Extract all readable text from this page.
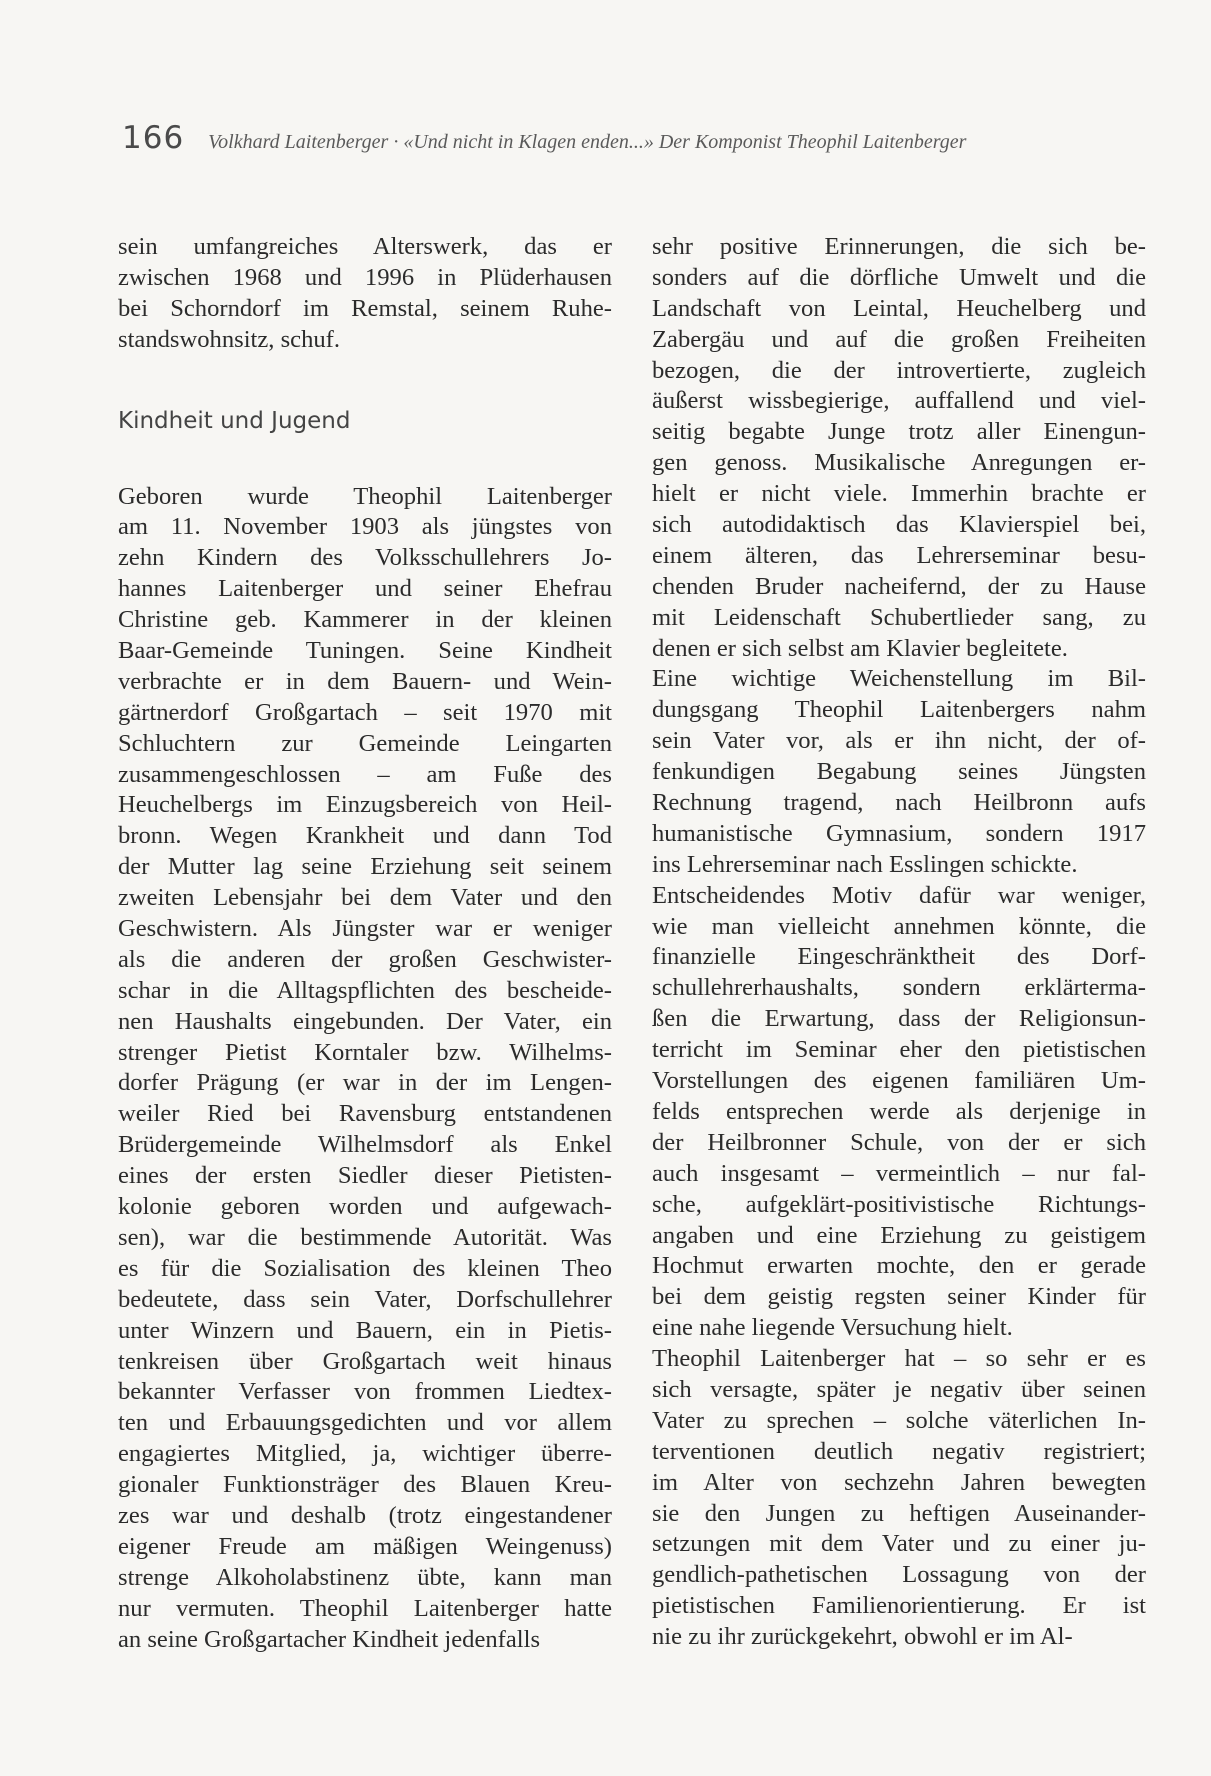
166 Volkhard Laitenberger · «Und nicht in Klagen enden...» Der Komponist Theophil Laitenberger
sein umfangreiches Alterswerk, das er
zwischen 1968 und 1996 in Plüderhausen
bei Schorndorf im Remstal, seinem Ruhe-
standswohnsitz, schuf.
Kindheit und Jugend
Geboren wurde Theophil Laitenberger
am 11. November 1903 als jüngstes von
zehn Kindern des Volksschullehrers Jo-
hannes Laitenberger und seiner Ehefrau
Christine geb. Kammerer in der kleinen
Baar-Gemeinde Tuningen. Seine Kindheit
verbrachte er in dem Bauern- und Wein-
gärtnerdorf Großgartach – seit 1970 mit
Schluchtern zur Gemeinde Leingarten
zusammengeschlossen – am Fuße des
Heuchelbergs im Einzugsbereich von Heil-
bronn. Wegen Krankheit und dann Tod
der Mutter lag seine Erziehung seit seinem
zweiten Lebensjahr bei dem Vater und den
Geschwistern. Als Jüngster war er weniger
als die anderen der großen Geschwister-
schar in die Alltagspflichten des bescheide-
nen Haushalts eingebunden. Der Vater, ein
strenger Pietist Korntaler bzw. Wilhelms-
dorfer Prägung (er war in der im Lengen-
weiler Ried bei Ravensburg entstandenen
Brüdergemeinde Wilhelmsdorf als Enkel
eines der ersten Siedler dieser Pietisten-
kolonie geboren worden und aufgewach-
sen), war die bestimmende Autorität. Was
es für die Sozialisation des kleinen Theo
bedeutete, dass sein Vater, Dorfschullehrer
unter Winzern und Bauern, ein in Pietis-
tenkreisen über Großgartach weit hinaus
bekannter Verfasser von frommen Liedtex-
ten und Erbauungsgedichten und vor allem
engagiertes Mitglied, ja, wichtiger überre-
gionaler Funktionsträger des Blauen Kreu-
zes war und deshalb (trotz eingestandener
eigener Freude am mäßigen Weingenuss)
strenge Alkoholabstinenz übte, kann man
nur vermuten. Theophil Laitenberger hatte
an seine Großgartacher Kindheit jedenfalls
sehr positive Erinnerungen, die sich be-
sonders auf die dörfliche Umwelt und die
Landschaft von Leintal, Heuchelberg und
Zabergäu und auf die großen Freiheiten
bezogen, die der introvertierte, zugleich
äußerst wissbegierige, auffallend und viel-
seitig begabte Junge trotz aller Einengun-
gen genoss. Musikalische Anregungen er-
hielt er nicht viele. Immerhin brachte er
sich autodidaktisch das Klavierspiel bei,
einem älteren, das Lehrerseminar besu-
chenden Bruder nacheifernd, der zu Hause
mit Leidenschaft Schubertlieder sang, zu
denen er sich selbst am Klavier begleitete.
Eine wichtige Weichenstellung im Bil-
dungsgang Theophil Laitenbergers nahm
sein Vater vor, als er ihn nicht, der of-
fenkundigen Begabung seines Jüngsten
Rechnung tragend, nach Heilbronn aufs
humanistische Gymnasium, sondern 1917
ins Lehrerseminar nach Esslingen schickte.
Entscheidendes Motiv dafür war weniger,
wie man vielleicht annehmen könnte, die
finanzielle Eingeschränktheit des Dorf-
schullehrerhaushalts, sondern erklärterma-
ßen die Erwartung, dass der Religionsun-
terricht im Seminar eher den pietistischen
Vorstellungen des eigenen familiären Um-
felds entsprechen werde als derjenige in
der Heilbronner Schule, von der er sich
auch insgesamt – vermeintlich – nur fal-
sche, aufgeklärt-positivistische Richtungs-
angaben und eine Erziehung zu geistigem
Hochmut erwarten mochte, den er gerade
bei dem geistig regsten seiner Kinder für
eine nahe liegende Versuchung hielt.
Theophil Laitenberger hat – so sehr er es
sich versagte, später je negativ über seinen
Vater zu sprechen – solche väterlichen In-
terventionen deutlich negativ registriert;
im Alter von sechzehn Jahren bewegten
sie den Jungen zu heftigen Auseinander-
setzungen mit dem Vater und zu einer ju-
gendlich-pathetischen Lossagung von der
pietistischen Familienorientierung. Er ist
nie zu ihr zurückgekehrt, obwohl er im Al-
